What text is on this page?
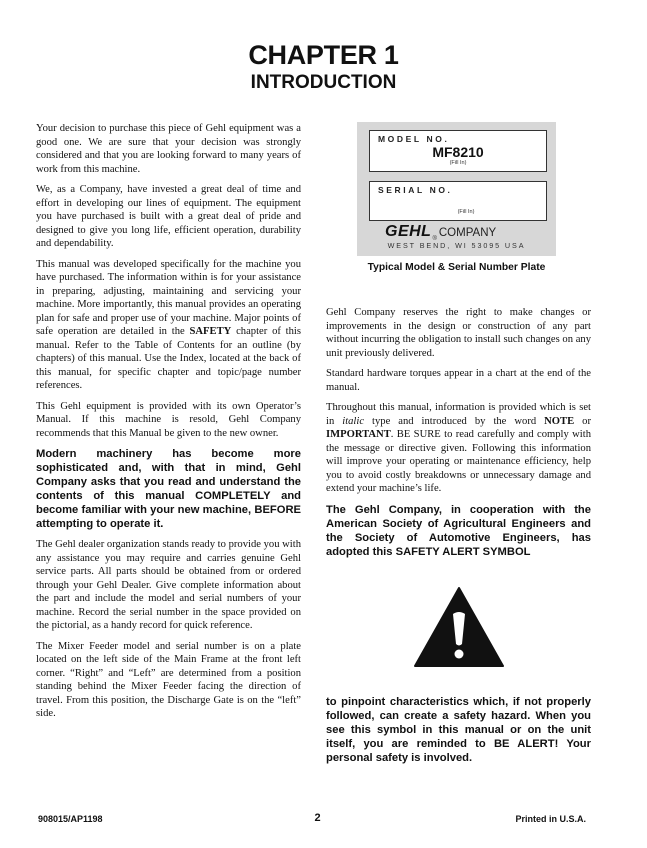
CHAPTER 1
INTRODUCTION

Your decision to purchase this piece of Gehl equipment was a good one. We are sure that your decision was strongly considered and that you are looking forward to many years of work from this machine.

We, as a Company, have invested a great deal of time and effort in developing our lines of equipment. The equipment you have purchased is built with a great deal of pride and designed to give you long life, efficient operation, durability and dependability.

This manual was developed specifically for the machine you have purchased. The information within is for your assistance in preparing, adjusting, maintaining and servicing your machine. More importantly, this manual provides an operating plan for safe and proper use of your machine. Major points of safe operation are detailed in the SAFETY chapter of this manual. Refer to the Table of Contents for an outline (by chapters) of this manual. Use the Index, located at the back of this manual, for specific chapter and topic/page number references.

This Gehl equipment is provided with its own Operator’s Manual. If this machine is resold, Gehl Company recommends that this Manual be given to the new owner.

Modern machinery has become more sophisticated and, with that in mind, Gehl Company asks that you read and understand the contents of this manual COMPLETELY and become familiar with your new machine, BEFORE attempting to operate it.

The Gehl dealer organization stands ready to provide you with any assistance you may require and carries genuine Gehl service parts. All parts should be obtained from or ordered through your Gehl Dealer. Give complete information about the part and include the model and serial numbers of your machine. Record the serial number in the space provided on the pictorial, as a handy record for quick reference.

The Mixer Feeder model and serial number is on a plate located on the left side of the Main Frame at the front left corner. “Right” and “Left” are determined from a position standing behind the Mixer Feeder facing the direction of travel. From this position, the Discharge Gate is on the “left” side.

MODEL NO.
MF8210
(Fill In)
SERIAL NO.
(Fill In)
$GEHL_®$ COMPANY
WEST BEND, WI 53095 USA
Typical Model & Serial Number Plate

Gehl Company reserves the right to make changes or improvements in the design or construction of any part without incurring the obligation to install such changes on any unit previously delivered.

Standard hardware torques appear in a chart at the end of the manual.

Throughout this manual, information is provided which is set in italic type and introduced by the word NOTE or IMPORTANT. BE SURE to read carefully and comply with the message or directive given. Following this information will improve your operating or maintenance efficiency, help you to avoid costly breakdowns or unnecessary damage and extend your machine’s life.

The Gehl Company, in cooperation with the American Society of Agricultural Engineers and the Society of Automotive Engineers, has adopted this SAFETY ALERT SYMBOL

to pinpoint characteristics which, if not properly followed, can create a safety hazard. When you see this symbol in this manual or on the unit itself, you are reminded to BE ALERT! Your personal safety is involved.

908015/AP1198	2	Printed in U.S.A.
